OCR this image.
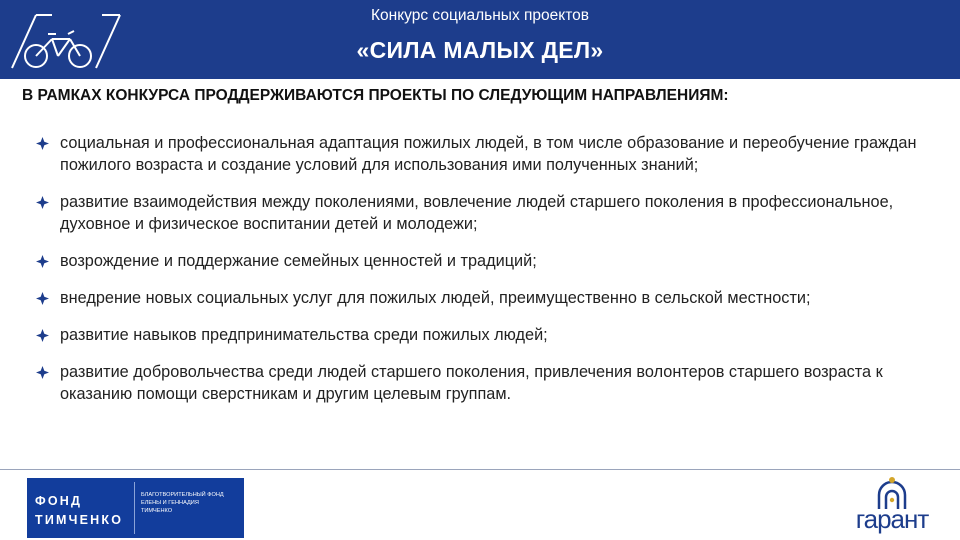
Конкурс социальных проектов
«СИЛА МАЛЫХ ДЕЛ»
В РАМКАХ КОНКУРСА ПРОДДЕРЖИВАЮТСЯ ПРОЕКТЫ ПО СЛЕДУЮЩИМ НАПРАВЛЕНИЯМ:
социальная и профессиональная адаптация пожилых людей, в том числе образование и переобучение граждан пожилого возраста и создание условий для использования ими полученных знаний;
развитие взаимодействия между поколениями, вовлечение людей старшего поколения в профессиональное, духовное и физическое воспитании детей и молодежи;
возрождение и поддержание семейных ценностей и традиций;
внедрение новых социальных услуг для пожилых людей, преимущественно в сельской местности;
развитие навыков предпринимательства среди пожилых людей;
развитие добровольчества среди людей старшего поколения, привлечения волонтеров старшего возраста к оказанию помощи сверстникам и другим целевым группам.
ФОНД
ТИМЧЕНКО
БЛАГОТВОРИТЕЛЬНЫЙ ФОНД
ЕЛЕНЫ И ГЕННАДИЯ
ТИМЧЕНКО	гарант
